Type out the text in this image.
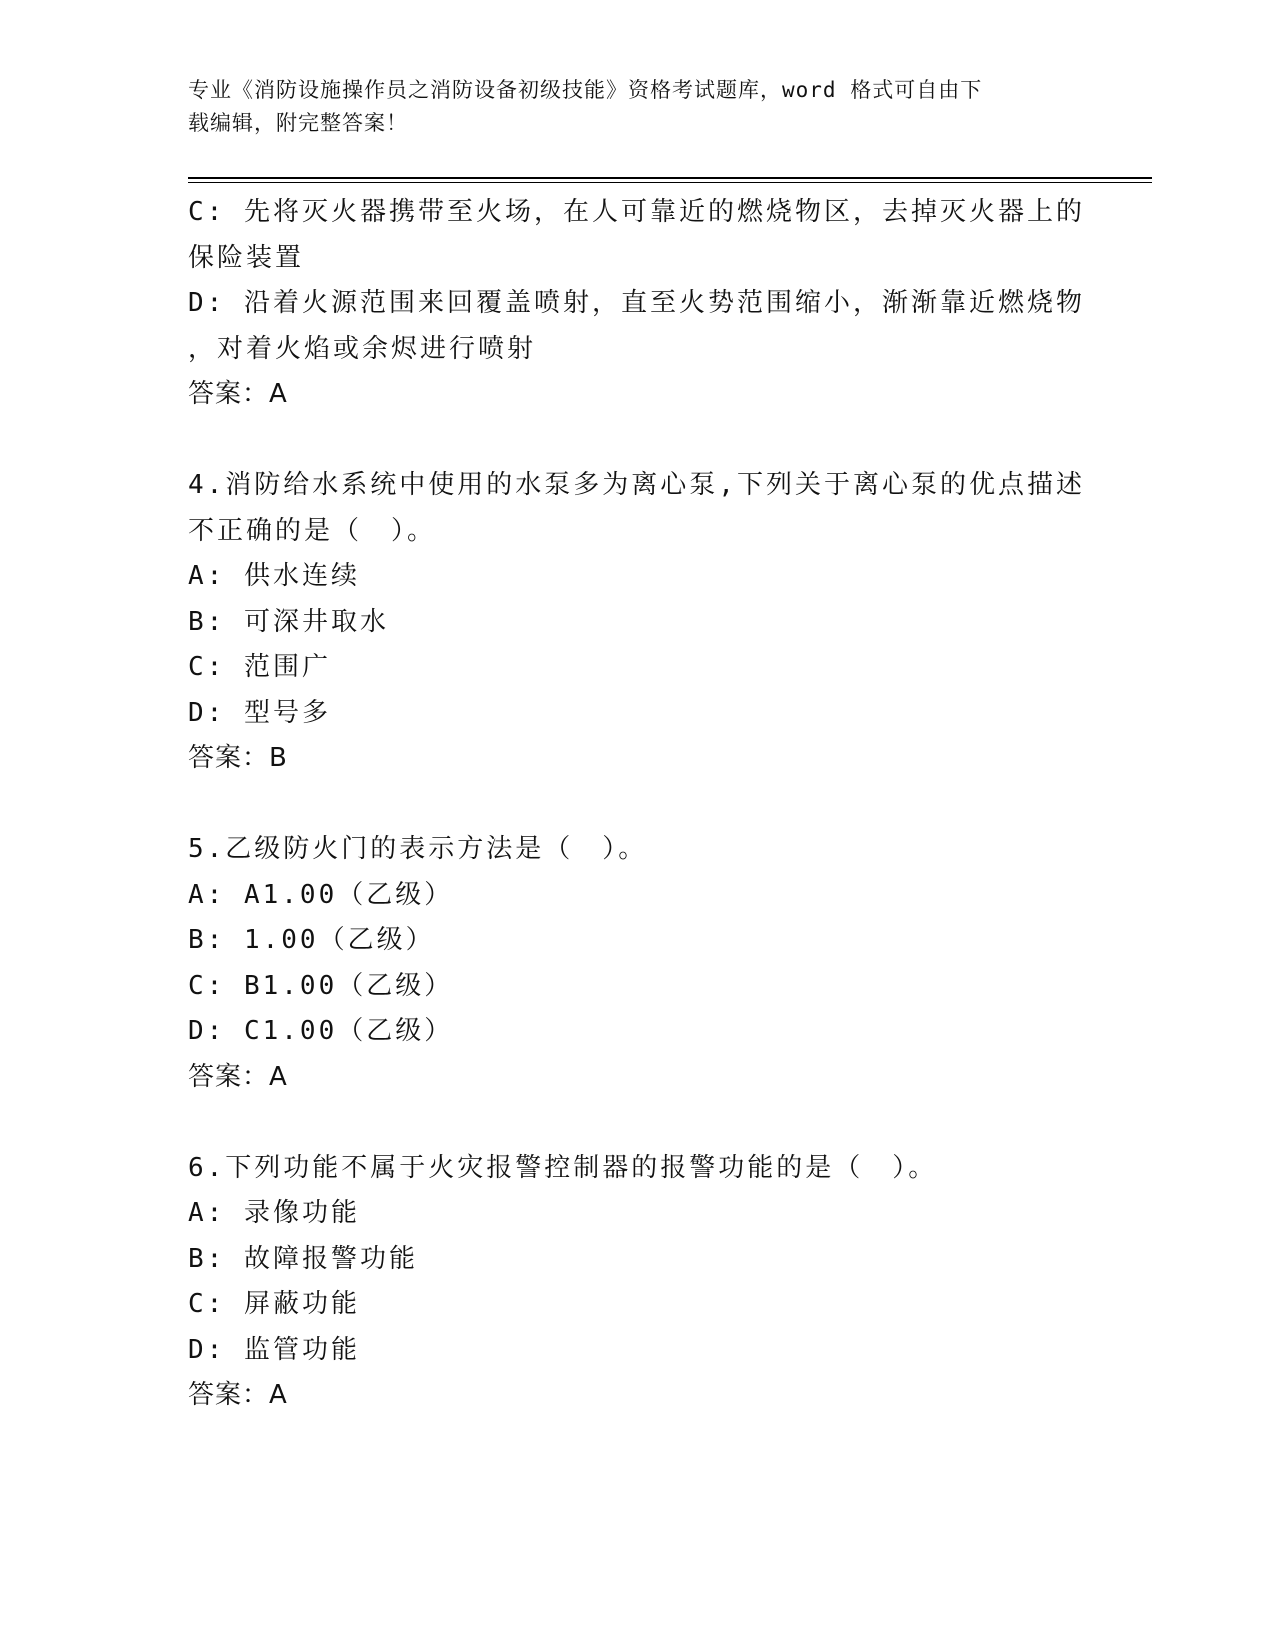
专业《消防设施操作员之消防设备初级技能》资格考试题库，word 格式可自由下
载编辑，附完整答案！
C: 先将灭火器携带至火场，在人可靠近的燃烧物区，去掉灭火器上的
保险装置
D: 沿着火源范围来回覆盖喷射，直至火势范围缩小，渐渐靠近燃烧物
，对着火焰或余烬进行喷射
答案：A
4.消防给水系统中使用的水泵多为离心泵,下列关于离心泵的优点描述
不正确的是（　）。
A: 供水连续
B: 可深井取水
C: 范围广
D: 型号多
答案：B
5.乙级防火门的表示方法是（　）。
A: A1.00（乙级）
B: 1.00（乙级）
C: B1.00（乙级）
D: C1.00（乙级）
答案：A
6.下列功能不属于火灾报警控制器的报警功能的是（　）。
A: 录像功能
B: 故障报警功能
C: 屏蔽功能
D: 监管功能
答案：A
